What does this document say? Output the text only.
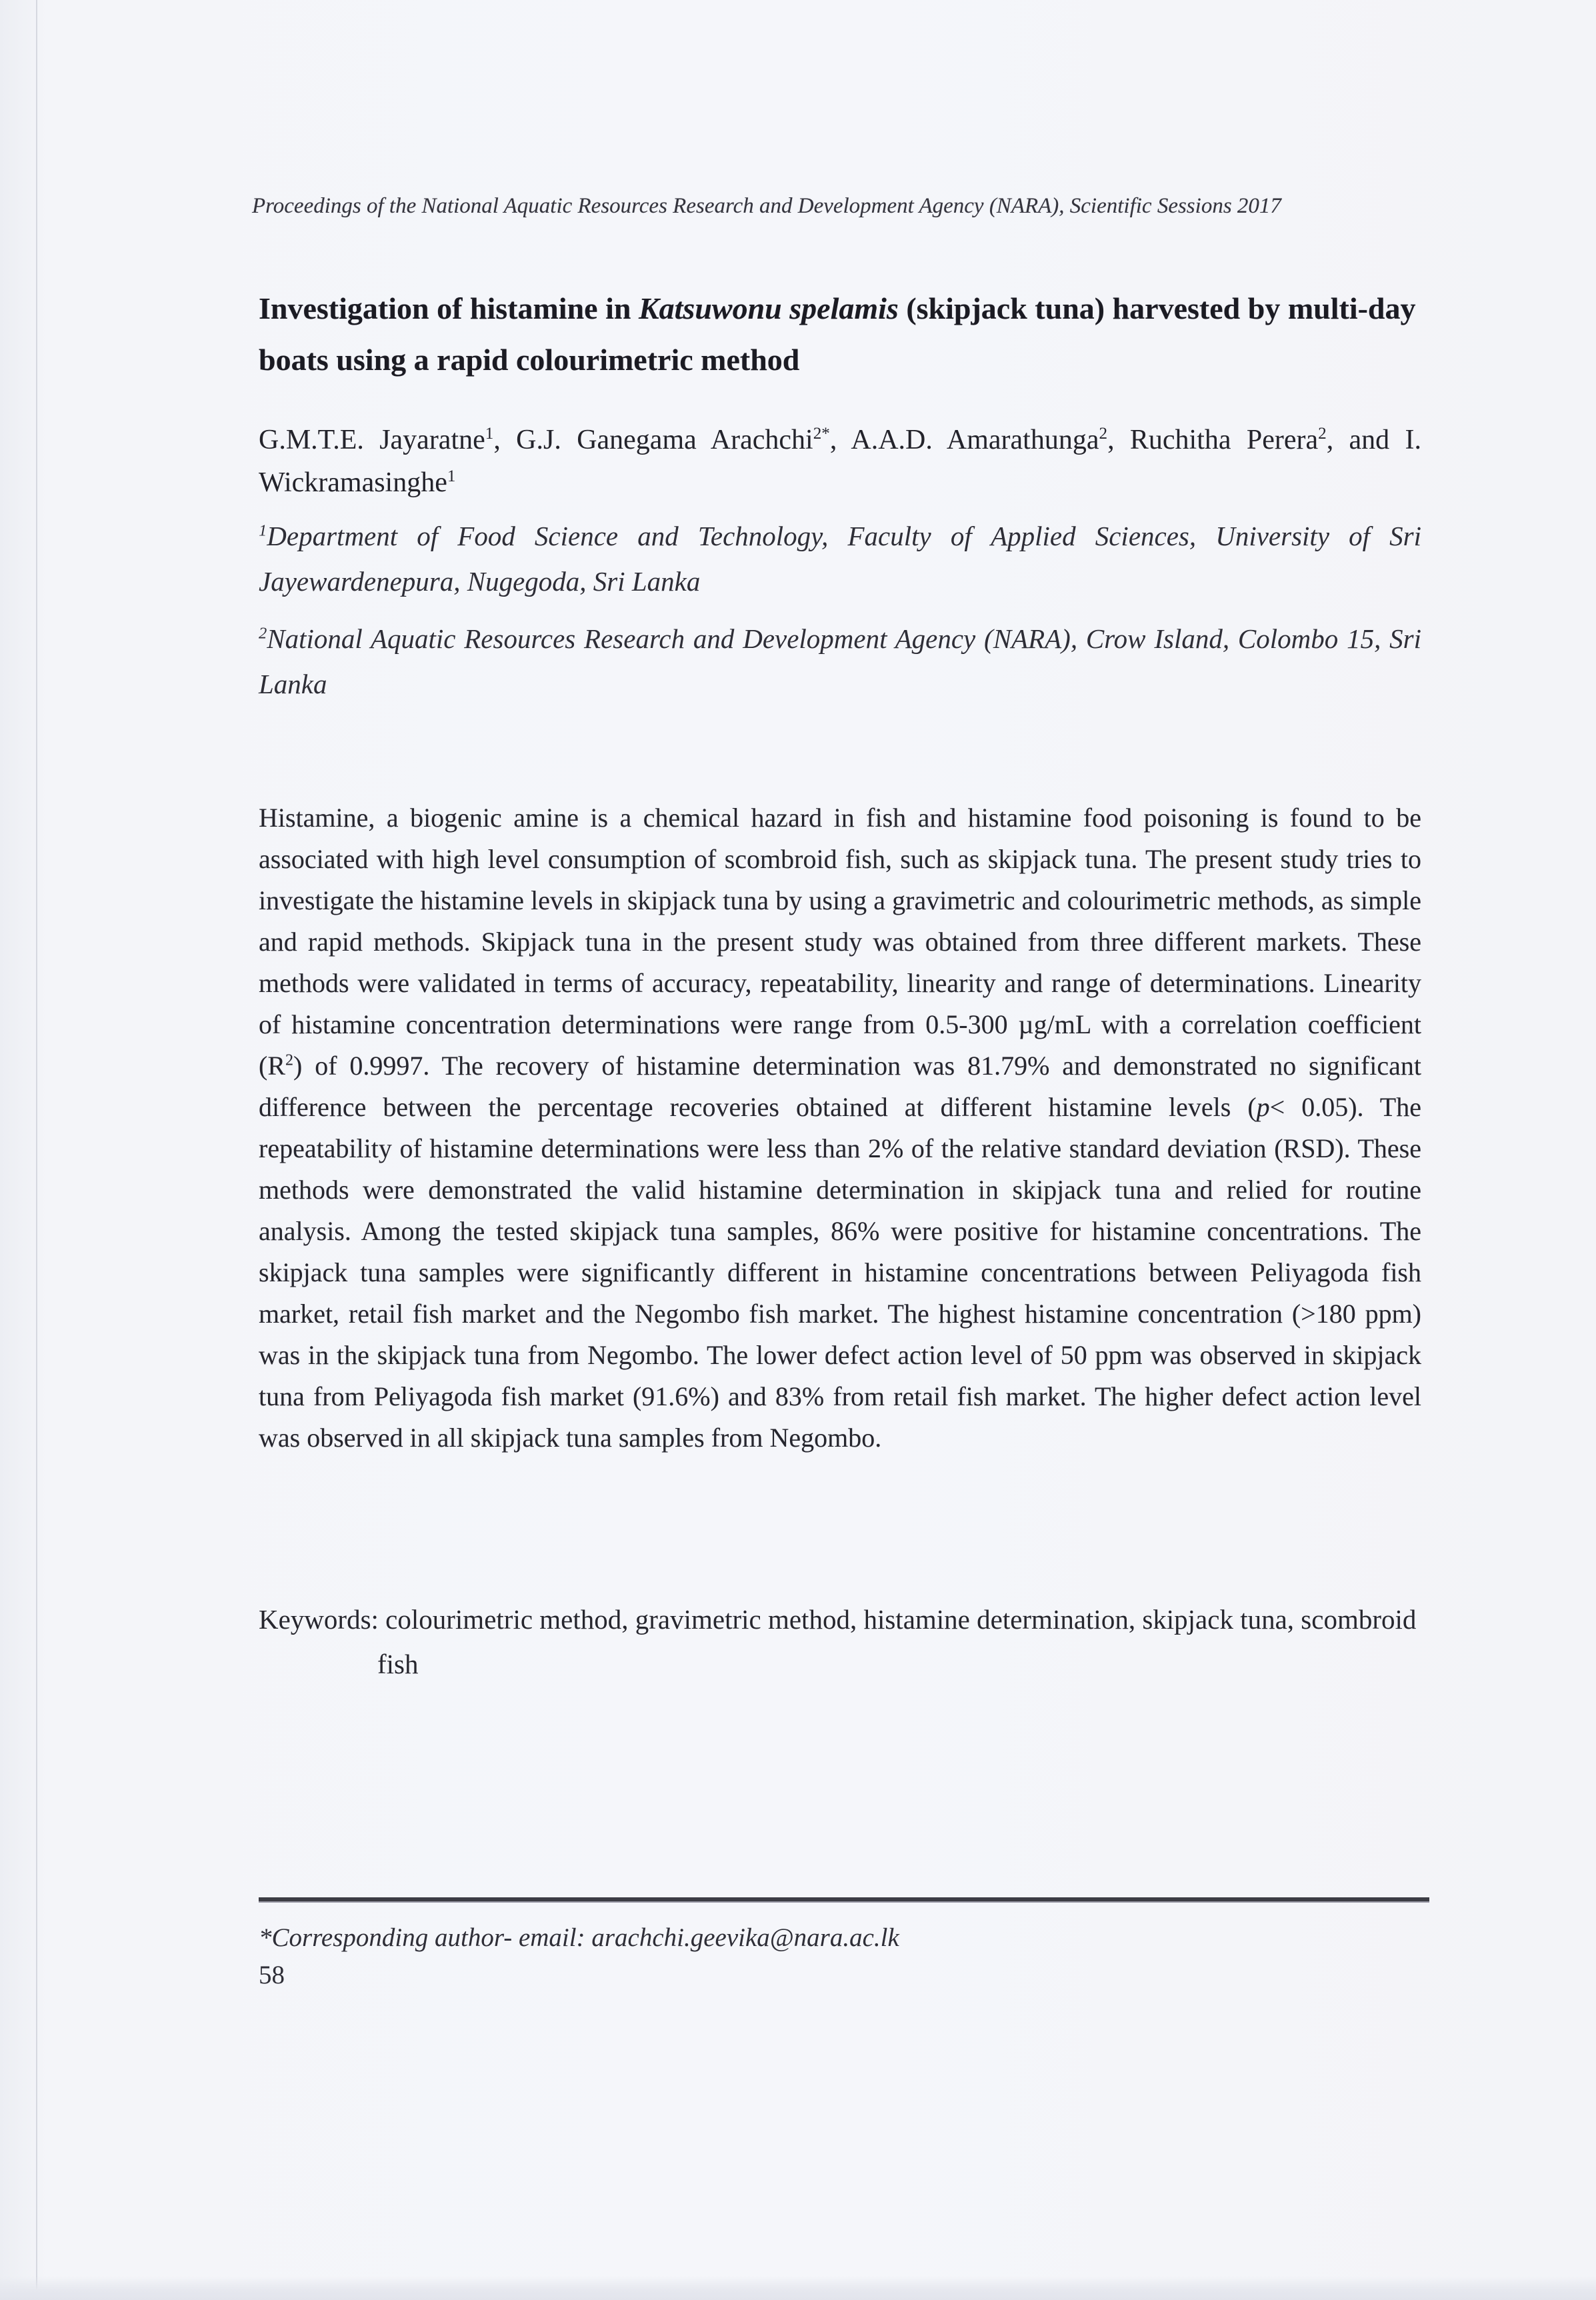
Proceedings of the National Aquatic Resources Research and Development Agency (NARA), Scientific Sessions 2017
Investigation of histamine in Katsuwonu spelamis (skipjack tuna) harvested by multi-day boats using a rapid colourimetric method
G.M.T.E. Jayaratne$^1$, G.J. Ganegama Arachchi$^{2*}$, A.A.D. Amarathunga$^2$, Ruchitha Perera$^2$, and I. Wickramasinghe$^1$
$^1$Department of Food Science and Technology, Faculty of Applied Sciences, University of Sri Jayewardenepura, Nugegoda, Sri Lanka
$^2$National Aquatic Resources Research and Development Agency (NARA), Crow Island, Colombo 15, Sri Lanka
Histamine, a biogenic amine is a chemical hazard in fish and histamine food poisoning is found to be associated with high level consumption of scombroid fish, such as skipjack tuna. The present study tries to investigate the histamine levels in skipjack tuna by using a gravimetric and colourimetric methods, as simple and rapid methods. Skipjack tuna in the present study was obtained from three different markets. These methods were validated in terms of accuracy, repeatability, linearity and range of determinations. Linearity of histamine concentration determinations were range from 0.5-300 µg/mL with a correlation coefficient $(R^2)$ of 0.9997. The recovery of histamine determination was 81.79% and demonstrated no significant difference between the percentage recoveries obtained at different histamine levels (p< 0.05). The repeatability of histamine determinations were less than 2% of the relative standard deviation (RSD). These methods were demonstrated the valid histamine determination in skipjack tuna and relied for routine analysis. Among the tested skipjack tuna samples, 86% were positive for histamine concentrations. The skipjack tuna samples were significantly different in histamine concentrations between Peliyagoda fish market, retail fish market and the Negombo fish market. The highest histamine concentration (>180 ppm) was in the skipjack tuna from Negombo. The lower defect action level of 50 ppm was observed in skipjack tuna from Peliyagoda fish market (91.6%) and 83% from retail fish market. The higher defect action level was observed in all skipjack tuna samples from Negombo.
Keywords: colourimetric method, gravimetric method, histamine determination, skipjack tuna, scombroid fish
*Corresponding author- email: arachchi.geevika@nara.ac.lk
58
